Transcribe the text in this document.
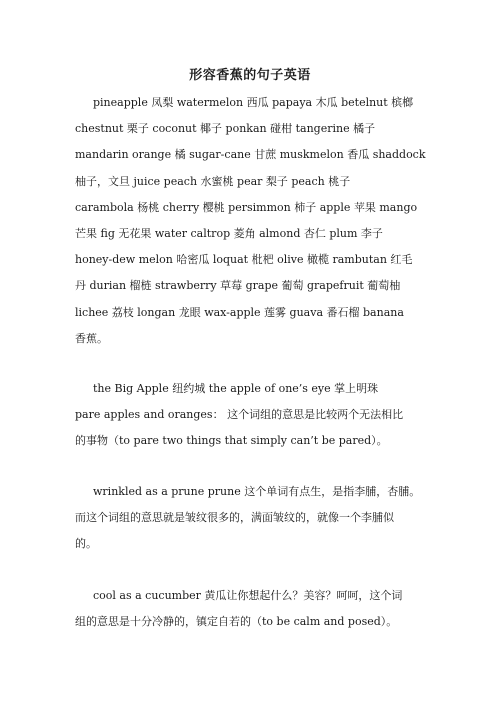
形容香蕉的句子英语

pineapple 凤梨 watermelon 西瓜 papaya 木瓜 betelnut 槟榔
chestnut 栗子 coconut 椰子 ponkan 碰柑 tangerine 橘子
mandarin orange 橘 sugar-cane 甘蔗 muskmelon 香瓜 shaddock
柚子，文旦 juice peach 水蜜桃 pear 梨子 peach 桃子
carambola 杨桃 cherry 樱桃 persimmon 柿子 apple 苹果 mango
芒果 fig 无花果 water caltrop 菱角 almond 杏仁 plum 李子
honey-dew melon 哈密瓜 loquat 枇杷 olive 橄榄 rambutan 红毛
丹 durian 榴梿 strawberry 草莓 grape 葡萄 grapefruit 葡萄柚
lichee 荔枝 longan 龙眼 wax-apple 莲雾 guava 番石榴 banana
香蕉。

the Big Apple 纽约城 the apple of one’s eye 掌上明珠
pare apples and oranges： 这个词组的意思是比较两个无法相比
的事物（to pare two things that simply can’t be pared）。

wrinkled as a prune prune 这个单词有点生，是指李脯，杏脯。
而这个词组的意思就是皱纹很多的，满面皱纹的，就像一个李脯似
的。

cool as a cucumber 黄瓜让你想起什么？美容？呵呵，这个词
组的意思是十分冷静的，镇定自若的（to be calm and posed）。
